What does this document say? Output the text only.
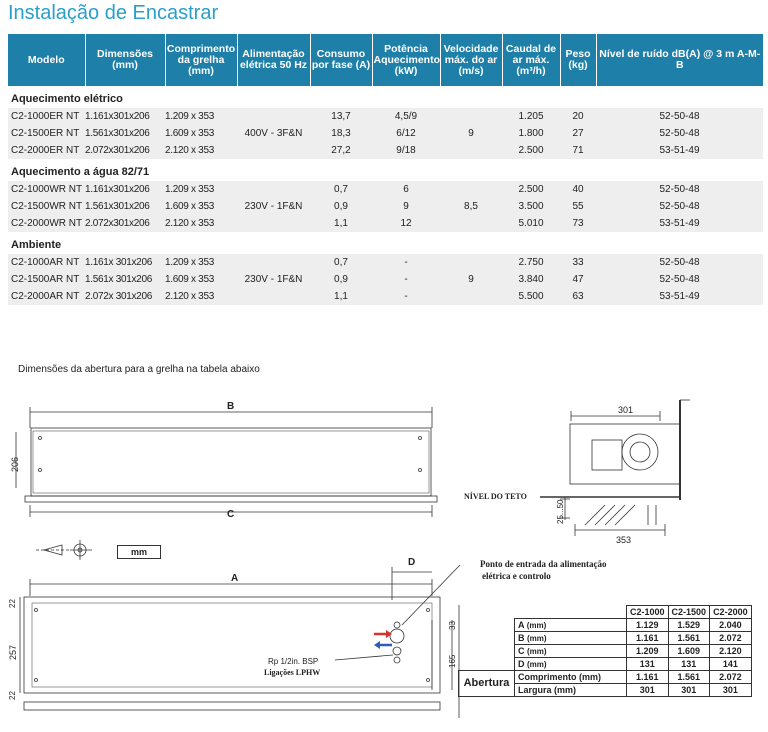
Instalação de Encastrar
Modelo	Dimensões (mm)	Comprimento da grelha (mm)	Alimentação elétrica 50 Hz	Consumo por fase (A)	Potência Aquecimento (kW)	Velocidade máx. do ar (m/s)	Caudal de ar máx. (m³/h)	Peso (kg)	Nível de ruído dB(A) @ 3 m A-M-B
Aquecimento elétrico									
C2-1000ER NT	1.161x301x206	1.209 x 353	400V - 3F&N	13,7	4,5/9	9	1.205	20	52-50-48
C2-1500ER NT	1.561x301x206	1.609 x 353		18,3	6/12		1.800	27	52-50-48
C2-2000ER NT	2.072x301x206	2.120 x 353		27,2	9/18		2.500	71	53-51-49
Aquecimento a água 82/71									
C2-1000WR NT	1.161x301x206	1.209 x 353	230V - 1F&N	0,7	6	8,5	2.500	40	52-50-48
C2-1500WR NT	1.561x301x206	1.609 x 353		0,9	9		3.500	55	52-50-48
C2-2000WR NT	2.072x301x206	2.120 x 353		1,1	12		5.010	73	53-51-49
Ambiente									
C2-1000AR NT	1.161x 301x206	1.209 x 353	230V - 1F&N	0,7	-	9	2.750	33	52-50-48
C2-1500AR NT	1.561x 301x206	1.609 x 353		0,9	-		3.840	47	52-50-48
C2-2000AR NT	2.072x 301x206	2.120 x 353		1,1	-		5.500	63	53-51-49
Dimensões da abertura para a grelha na tabela abaixo
B
C
A
D
206
301
353
25...50
NÍVEL DO TETO
mm
22
257
22
33
165
Ponto de entrada da alimentação
elétrica e controlo
Rp 1/2in. BSP
Ligações LPHW
		C2-1000	C2-1500	C2-2000
	A (mm)	1.129	1.529	2.040
	B (mm)	1.161	1.561	2.072
	C (mm)	1.209	1.609	2.120
	D (mm)	131	131	141
Abertura	Comprimento (mm)	1.161	1.561	2.072
	Largura (mm)	301	301	301
